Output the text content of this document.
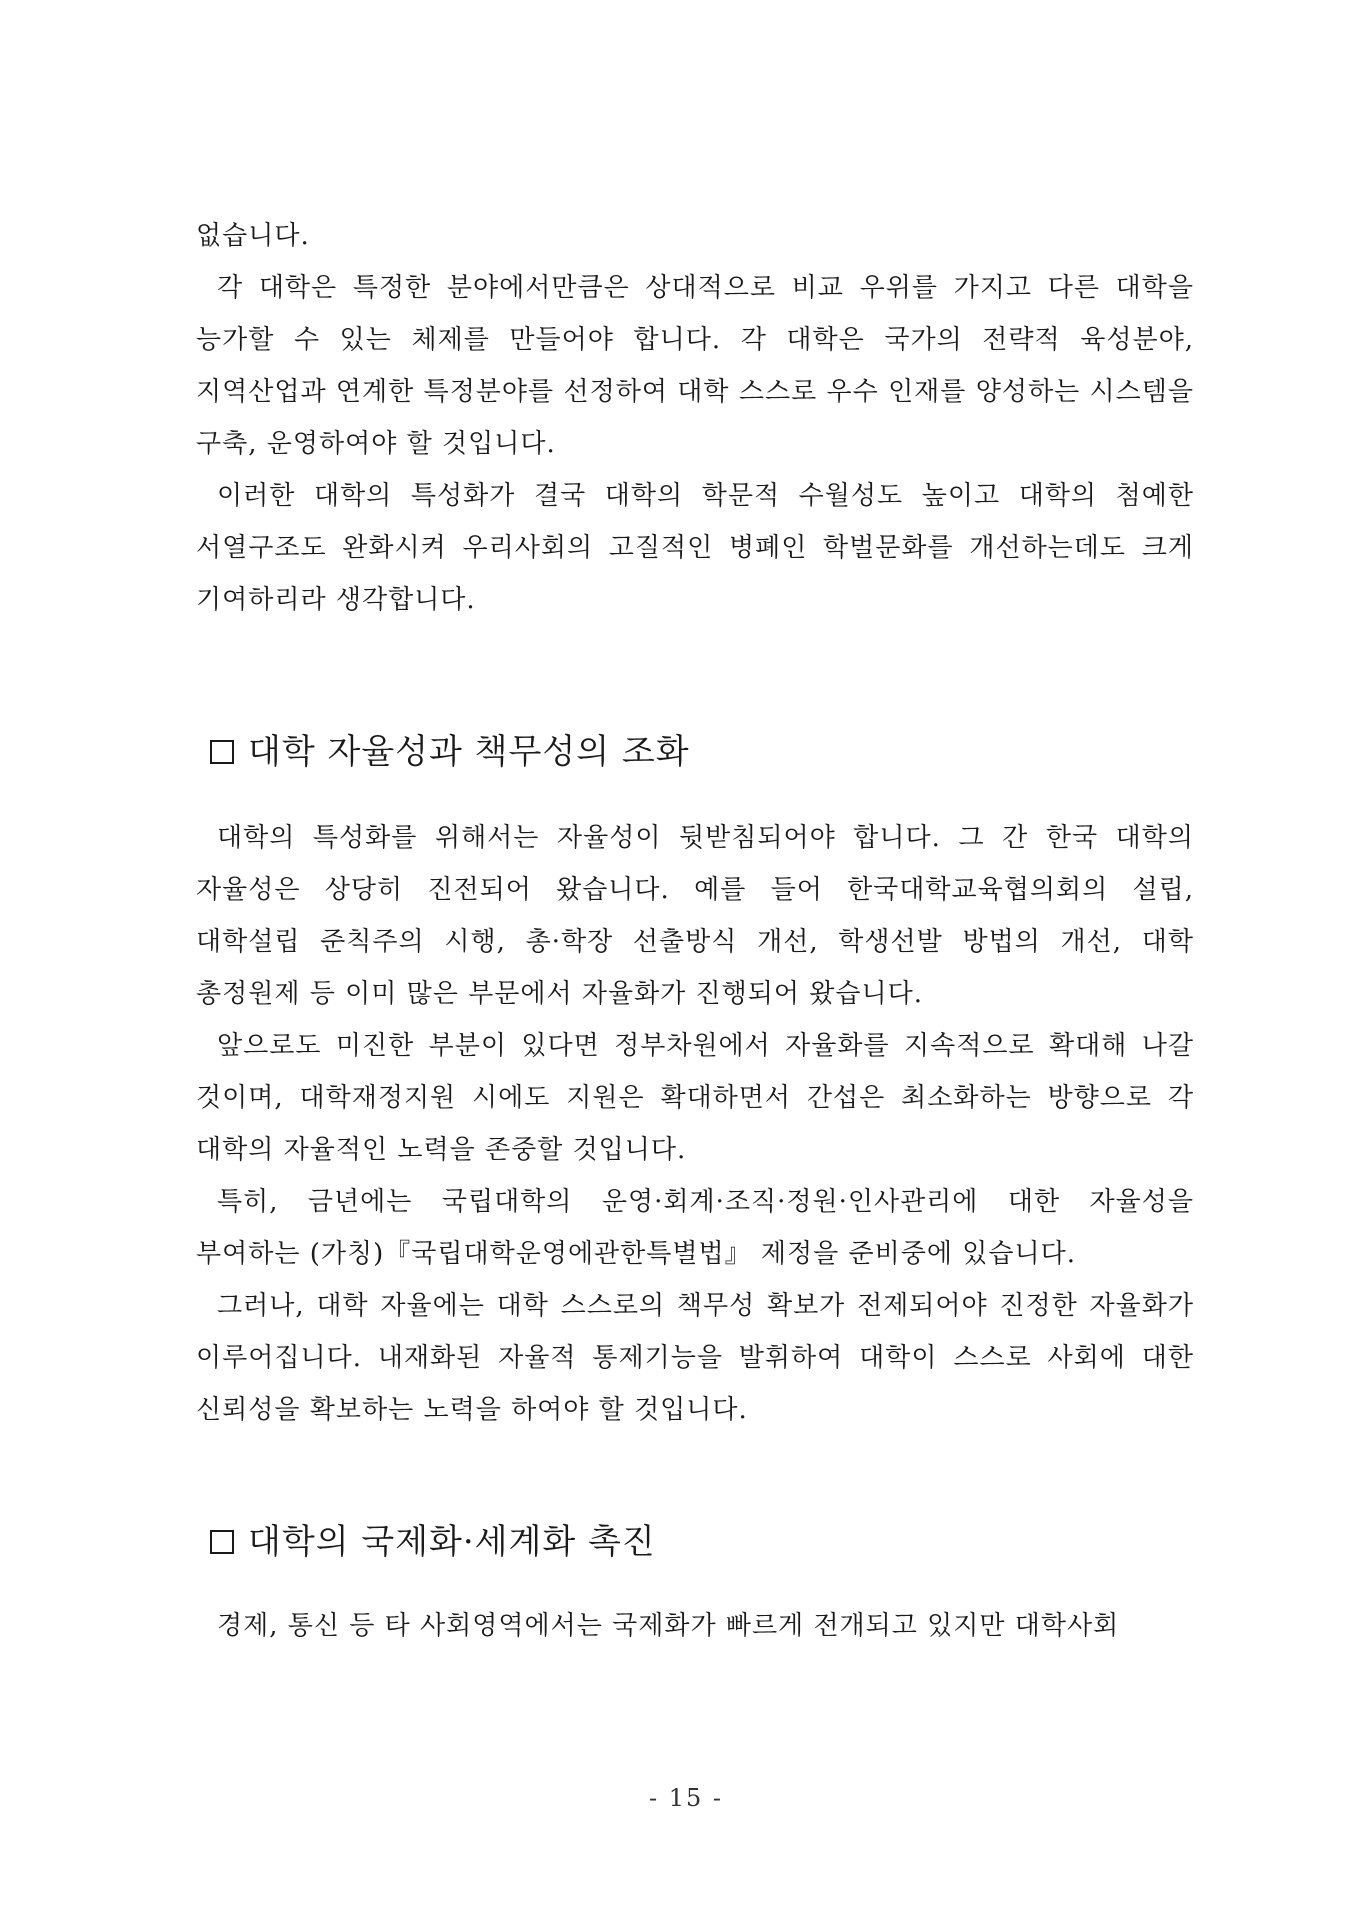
없습니다.

각 대학은 특정한 분야에서만큼은 상대적으로 비교 우위를 가지고 다른 대학을 능가할 수 있는 체제를 만들어야 합니다. 각 대학은 국가의 전략적 육성분야, 지역산업과 연계한 특정분야를 선정하여 대학 스스로 우수 인재를 양성하는 시스템을 구축, 운영하여야 할 것입니다.

이러한 대학의 특성화가 결국 대학의 학문적 수월성도 높이고 대학의 첨예한 서열구조도 완화시켜 우리사회의 고질적인 병폐인 학벌문화를 개선하는데도 크게 기여하리라 생각합니다.

대학 자율성과 책무성의 조화

대학의 특성화를 위해서는 자율성이 뒷받침되어야 합니다. 그 간 한국 대학의 자율성은 상당히 진전되어 왔습니다. 예를 들어 한국대학교육협의회의 설립, 대학설립 준칙주의 시행, 총·학장 선출방식 개선, 학생선발 방법의 개선, 대학 총정원제 등 이미 많은 부문에서 자율화가 진행되어 왔습니다.

앞으로도 미진한 부분이 있다면 정부차원에서 자율화를 지속적으로 확대해 나갈 것이며, 대학재정지원 시에도 지원은 확대하면서 간섭은 최소화하는 방향으로 각 대학의 자율적인 노력을 존중할 것입니다.

특히, 금년에는 국립대학의 운영·회계·조직·정원·인사관리에 대한 자율성을 부여하는 (가칭)『국립대학운영에관한특별법』 제정을 준비중에 있습니다.

그러나, 대학 자율에는 대학 스스로의 책무성 확보가 전제되어야 진정한 자율화가 이루어집니다. 내재화된 자율적 통제기능을 발휘하여 대학이 스스로 사회에 대한 신뢰성을 확보하는 노력을 하여야 할 것입니다.

대학의 국제화·세계화 촉진

경제, 통신 등 타 사회영역에서는 국제화가 빠르게 전개되고 있지만 대학사회

- 15 -
